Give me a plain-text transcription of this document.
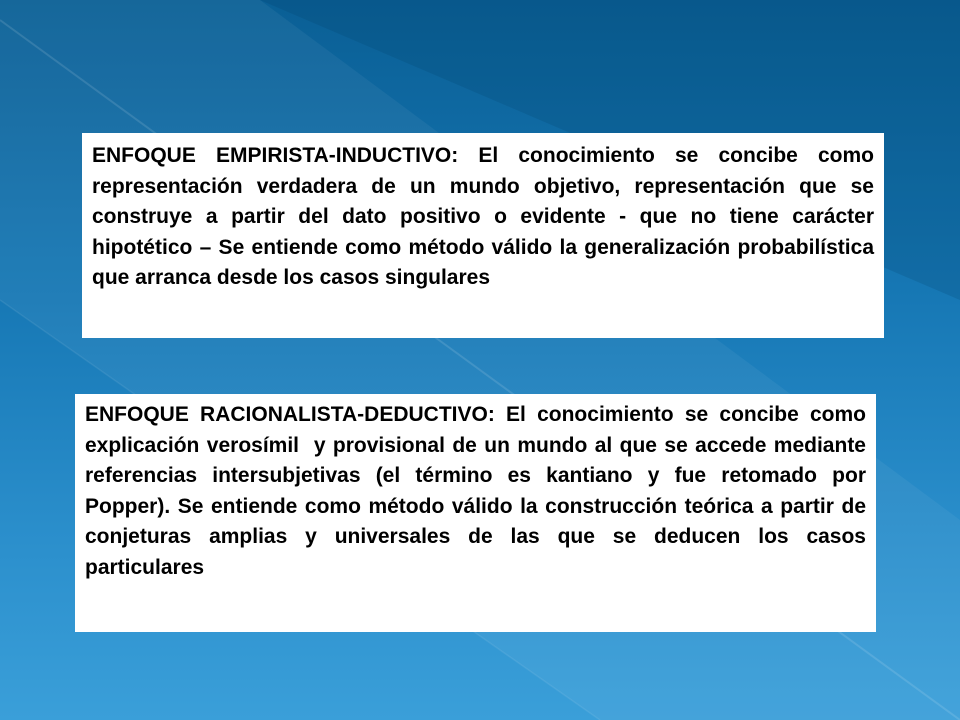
ENFOQUE EMPIRISTA-INDUCTIVO: El conocimiento se concibe como representación verdadera de un mundo objetivo, representación que se construye a partir del dato positivo o evidente - que no tiene carácter hipotético – Se entiende como método válido la generalización probabilística que arranca desde los casos singulares

ENFOQUE RACIONALISTA-DEDUCTIVO: El conocimiento se concibe como explicación verosímil  y provisional de un mundo al que se accede mediante referencias intersubjetivas (el término es kantiano y fue retomado por Popper). Se entiende como método válido la construcción teórica a partir de conjeturas amplias y universales de las que se deducen los casos particulares
